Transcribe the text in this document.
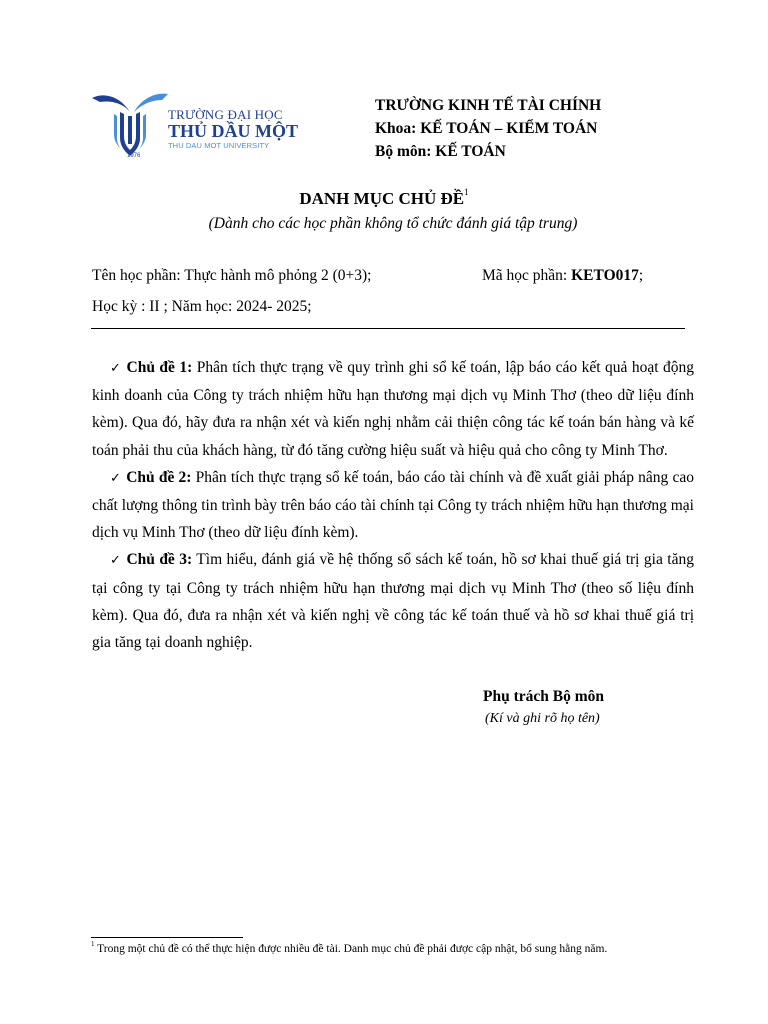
1976
TRƯỜNG ĐẠI HỌC
THỦ DẦU MỘT
THU DAU MOT UNIVERSITY
TRƯỜNG KINH TẾ TÀI CHÍNH
Khoa: KẾ TOÁN – KIỂM TOÁN
Bộ môn: KẾ TOÁN
DANH MỤC CHỦ ĐỀ$^1$
(Dành cho các học phần không tổ chức đánh giá tập trung)
Tên học phần: Thực hành mô phỏng 2 (0+3);	Mã học phần: KETO017;
Học kỳ : II ; Năm học: 2024- 2025;

✓ Chủ đề 1: Phân tích thực trạng về quy trình ghi sổ kế toán, lập báo cáo kết quả hoạt động kinh doanh của Công ty trách nhiệm hữu hạn thương mại dịch vụ Minh Thơ (theo dữ liệu đính kèm). Qua đó, hãy đưa ra nhận xét và kiến nghị nhằm cải thiện công tác kế toán bán hàng và kế toán phải thu của khách hàng, từ đó tăng cường hiệu suất và hiệu quả cho công ty Minh Thơ.

✓ Chủ đề 2: Phân tích thực trạng sổ kế toán, báo cáo tài chính và đề xuất giải pháp nâng cao chất lượng thông tin trình bày trên báo cáo tài chính tại Công ty trách nhiệm hữu hạn thương mại dịch vụ Minh Thơ (theo dữ liệu đính kèm).

✓ Chủ đề 3: Tìm hiểu, đánh giá về hệ thống sổ sách kế toán, hồ sơ khai thuế giá trị gia tăng tại công ty tại Công ty trách nhiệm hữu hạn thương mại dịch vụ Minh Thơ (theo số liệu đính kèm). Qua đó, đưa ra nhận xét và kiến nghị về công tác kế toán thuế và hồ sơ khai thuế giá trị gia tăng tại doanh nghiệp.

Phụ trách Bộ môn
(Kí và ghi rõ họ tên)
$^1$ Trong một chủ đề có thể thực hiện được nhiều đề tài. Danh mục chủ đề phải được cập nhật, bổ sung hằng năm.
